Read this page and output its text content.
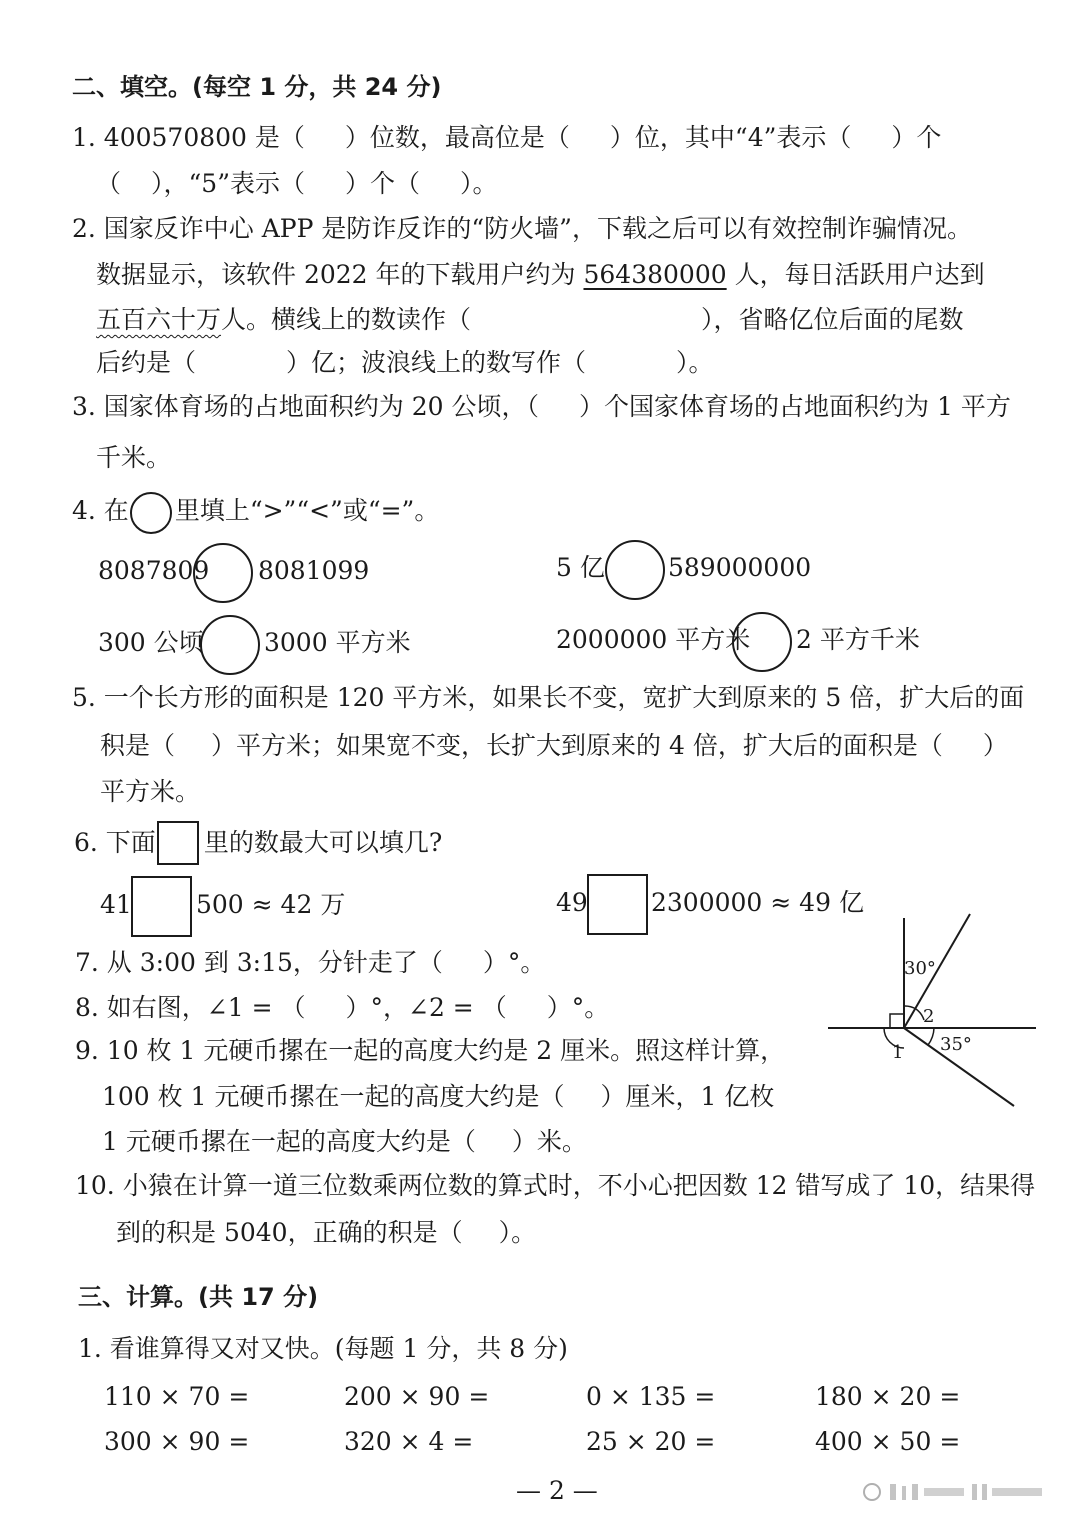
二、填空。(每空 1 分，共 24 分)
1. 400570800 是（ ）位数，最高位是（ ）位，其中“4”表示（ ）个
（ ），“5”表示（ ）个（ ）。
2. 国家反诈中心 APP 是防诈反诈的“防火墙”，下载之后可以有效控制诈骗情况。
数据显示，该软件 2022 年的下载用户约为 564380000 人，每日活跃用户达到
五百六十万人。横线上的数读作（	），省略亿位后面的尾数
后约是（	）亿；波浪线上的数写作（	）。
3. 国家体育场的占地面积约为 20 公顷，（ ）个国家体育场的占地面积约为 1 平方
千米。
4. 在 里填上“>”“<”或“=”。
8087809 8081099	5 亿	589000000
300 公顷 3000 平方米	2000000 平方米 2 平方千米
5. 一个长方形的面积是 120 平方米，如果长不变，宽扩大到原来的 5 倍，扩大后的面
积是（ ）平方米；如果宽不变，长扩大到原来的 4 倍，扩大后的面积是（ ）
平方米。
6. 下面 里的数最大可以填几?
41	500 ≈ 42 万	49	2300000 ≈ 49 亿
7. 从 3:00 到 3:15，分针走了（ ）°。
8. 如右图，∠1 = （ ）°，∠2 = （ ）°。
30°
2
1 35°
9. 10 枚 1 元硬币摞在一起的高度大约是 2 厘米。照这样计算，
100 枚 1 元硬币摞在一起的高度大约是（ ）厘米，1 亿枚
1 元硬币摞在一起的高度大约是（ ）米。
10. 小猿在计算一道三位数乘两位数的算式时，不小心把因数 12 错写成了 10，结果得
到的积是 5040，正确的积是（ ）。
三、计算。(共 17 分)
1. 看谁算得又对又快。(每题 1 分，共 8 分)
110 × 70 =	200 × 90 =	0 × 135 =	180 × 20 =
300 × 90 =	320 × 4 =	25 × 20 =	400 × 50 =
— 2 —
